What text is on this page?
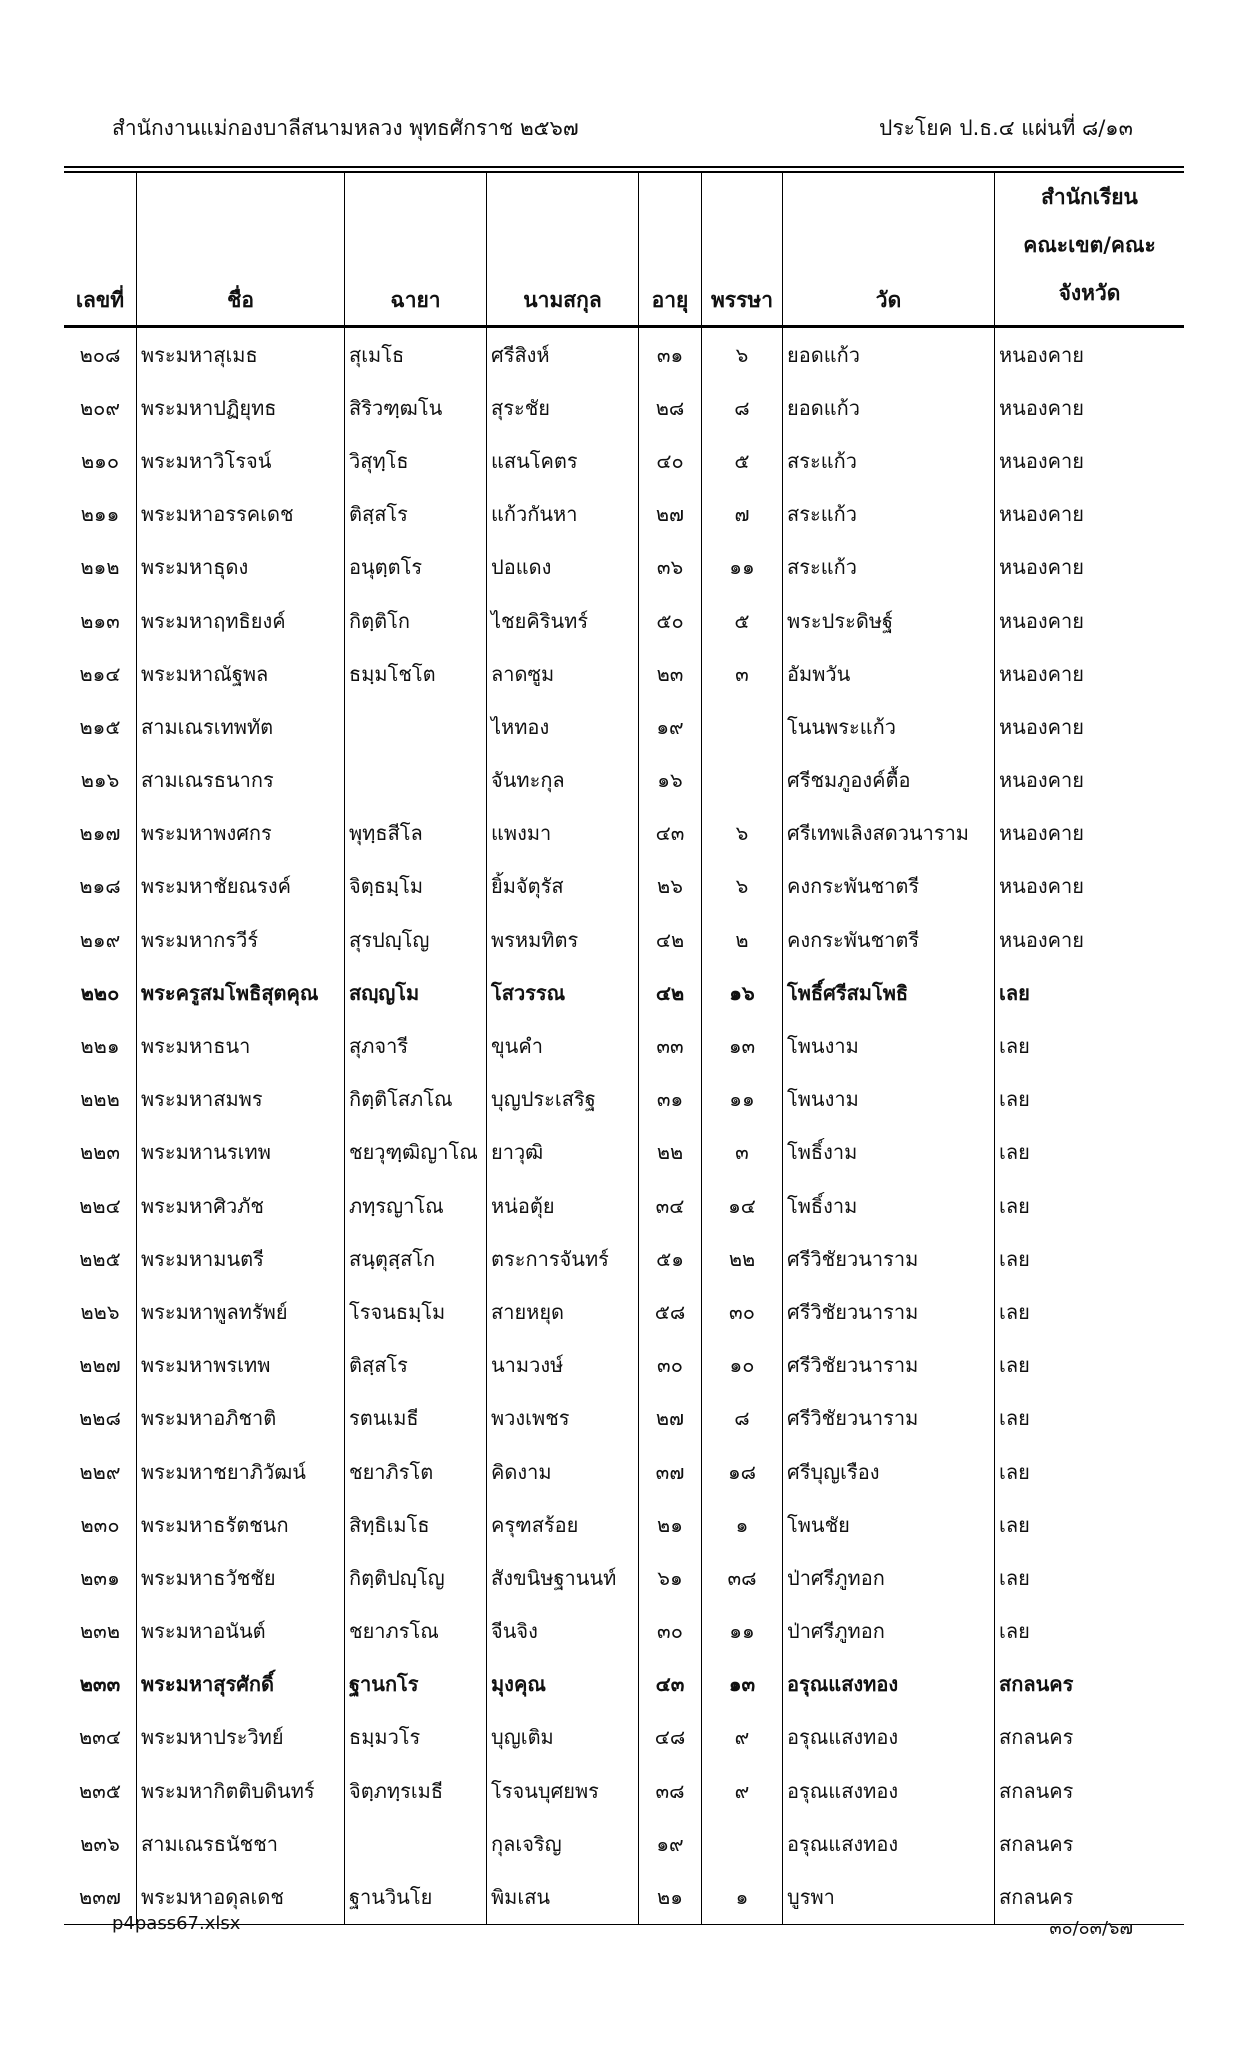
สำนักงานแม่กองบาลีสนามหลวง พุทธศักราช ๒๕๖๗	ประโยค ป.ธ.๔ แผ่นที่ ๘/๑๓
เลขที่	ชื่อ	ฉายา	นามสกุล	อายุ	พรรษา	วัด	สำนักเรียน
คณะเขต/คณะจังหวัด

๒๐๘	พระมหาสุเมธ	สุเมโธ	ศรีสิงห์	๓๑	๖	ยอดแก้ว	หนองคาย
๒๐๙	พระมหาปฏิยุทธ	สิริวฑฺฒโน	สุระชัย	๒๘	๘	ยอดแก้ว	หนองคาย
๒๑๐	พระมหาวิโรจน์	วิสุทฺโธ	แสนโคตร	๔๐	๕	สระแก้ว	หนองคาย
๒๑๑	พระมหาอรรคเดช	ติสฺสโร	แก้วกันหา	๒๗	๗	สระแก้ว	หนองคาย
๒๑๒	พระมหาธุดง	อนุตฺตโร	ปอแดง	๓๖	๑๑	สระแก้ว	หนองคาย
๒๑๓	พระมหาฤทธิยงค์	กิตฺติโก	ไชยคิรินทร์	๕๐	๕	พระประดิษฐ์	หนองคาย
๒๑๔	พระมหาณัฐพล	ธมฺมโชโต	ลาดซูม	๒๓	๓	อัมพวัน	หนองคาย
๒๑๕	สามเณรเทพทัต		ไหทอง	๑๙		โนนพระแก้ว	หนองคาย
๒๑๖	สามเณรธนากร		จันทะกุล	๑๖		ศรีชมภูองค์ตื้อ	หนองคาย
๒๑๗	พระมหาพงศกร	พุทฺธสีโล	แพงมา	๔๓	๖	ศรีเทพเลิงสดวนาราม	หนองคาย
๒๑๘	พระมหาชัยณรงค์	จิตฺธมฺโม	ยิ้มจัตุรัส	๒๖	๖	คงกระพันชาตรี	หนองคาย
๒๑๙	พระมหากรวีร์	สุรปญฺโญ	พรหมทิตร	๔๒	๒	คงกระพันชาตรี	หนองคาย
๒๒๐	พระครูสมโพธิสุตคุณ	สญฺญโม	โสวรรณ	๔๒	๑๖	โพธิ์ศรีสมโพธิ	เลย
๒๒๑	พระมหาธนา	สุภจารี	ขุนคำ	๓๓	๑๓	โพนงาม	เลย
๒๒๒	พระมหาสมพร	กิตฺติโสภโณ	บุญประเสริฐ	๓๑	๑๑	โพนงาม	เลย
๒๒๓	พระมหานรเทพ	ชยวุฑฺฒิญาโณ	ยาวุฒิ	๒๒	๓	โพธิ์งาม	เลย
๒๒๔	พระมหาศิวภัช	ภทฺรญาโณ	หน่อตุ้ย	๓๔	๑๔	โพธิ์งาม	เลย
๒๒๕	พระมหามนตรี	สนฺตุสฺสโก	ตระการจันทร์	๕๑	๒๒	ศรีวิชัยวนาราม	เลย
๒๒๖	พระมหาพูลทรัพย์	โรจนธมฺโม	สายหยุด	๕๘	๓๐	ศรีวิชัยวนาราม	เลย
๒๒๗	พระมหาพรเทพ	ติสฺสโร	นามวงษ์	๓๐	๑๐	ศรีวิชัยวนาราม	เลย
๒๒๘	พระมหาอภิชาติ	รตนเมธี	พวงเพชร	๒๗	๘	ศรีวิชัยวนาราม	เลย
๒๒๙	พระมหาชยาภิวัฒน์	ชยาภิรโต	คิดงาม	๓๗	๑๘	ศรีบุญเรือง	เลย
๒๓๐	พระมหาธรัตชนก	สิทฺธิเมโธ	ครุฑสร้อย	๒๑	๑	โพนชัย	เลย
๒๓๑	พระมหาธวัชชัย	กิตฺติปญฺโญ	สังขนิษฐานนท์	๖๑	๓๘	ป่าศรีภูทอก	เลย
๒๓๒	พระมหาอนันต์	ชยาภรโณ	จีนจิง	๓๐	๑๑	ป่าศรีภูทอก	เลย
๒๓๓	พระมหาสุรศักดิ์	ฐานกโร	มุงคุณ	๔๓	๑๓	อรุณแสงทอง	สกลนคร
๒๓๔	พระมหาประวิทย์	ธมฺมวโร	บุญเติม	๔๘	๙	อรุณแสงทอง	สกลนคร
๒๓๕	พระมหากิตติบดินทร์	จิตฺภทฺรเมธี	โรจนบุศยพร	๓๘	๙	อรุณแสงทอง	สกลนคร
๒๓๖	สามเณรธนัชชา		กุลเจริญ	๑๙		อรุณแสงทอง	สกลนคร
๒๓๗	พระมหาอดุลเดช	ฐานวินโย	พิมเสน	๒๑	๑	บูรพา	สกลนคร
p4pass67.xlsx	๓๐/๐๓/๖๗
